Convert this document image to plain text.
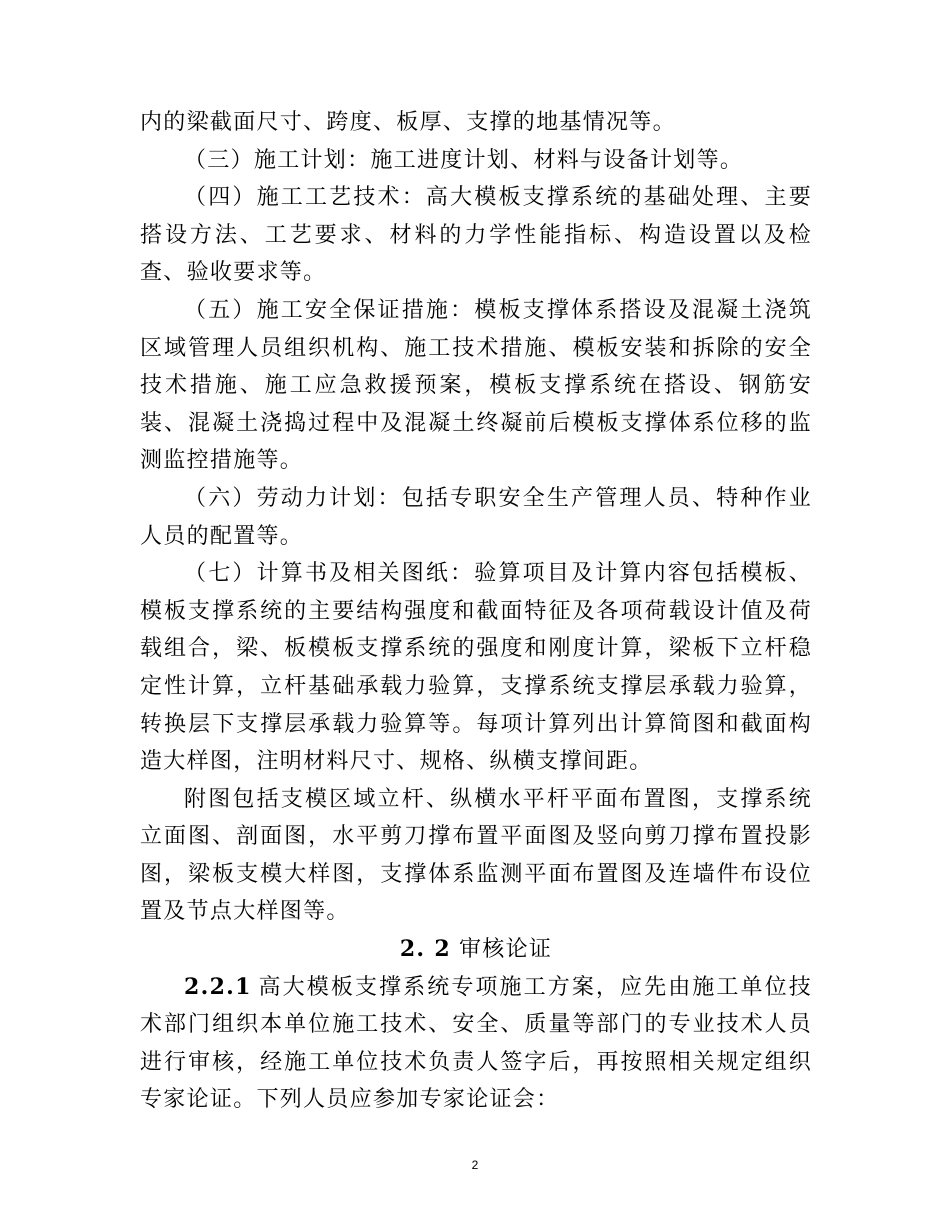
内的梁截面尺寸、跨度、板厚、支撑的地基情况等。

（三）施工计划：施工进度计划、材料与设备计划等。

（四）施工工艺技术：高大模板支撑系统的基础处理、主要搭设方法、工艺要求、材料的力学性能指标、构造设置以及检查、验收要求等。

（五）施工安全保证措施：模板支撑体系搭设及混凝土浇筑区域管理人员组织机构、施工技术措施、模板安装和拆除的安全技术措施、施工应急救援预案，模板支撑系统在搭设、钢筋安装、混凝土浇捣过程中及混凝土终凝前后模板支撑体系位移的监测监控措施等。

（六）劳动力计划：包括专职安全生产管理人员、特种作业人员的配置等。

（七）计算书及相关图纸：验算项目及计算内容包括模板、模板支撑系统的主要结构强度和截面特征及各项荷载设计值及荷载组合，梁、板模板支撑系统的强度和刚度计算，梁板下立杆稳定性计算，立杆基础承载力验算，支撑系统支撑层承载力验算，转换层下支撑层承载力验算等。每项计算列出计算简图和截面构造大样图，注明材料尺寸、规格、纵横支撑间距。

附图包括支模区域立杆、纵横水平杆平面布置图，支撑系统立面图、剖面图，水平剪刀撑布置平面图及竖向剪刀撑布置投影图，梁板支模大样图，支撑体系监测平面布置图及连墙件布设位置及节点大样图等。

2. 2 审核论证

2.2.1 高大模板支撑系统专项施工方案，应先由施工单位技术部门组织本单位施工技术、安全、质量等部门的专业技术人员进行审核，经施工单位技术负责人签字后，再按照相关规定组织专家论证。下列人员应参加专家论证会：

2
